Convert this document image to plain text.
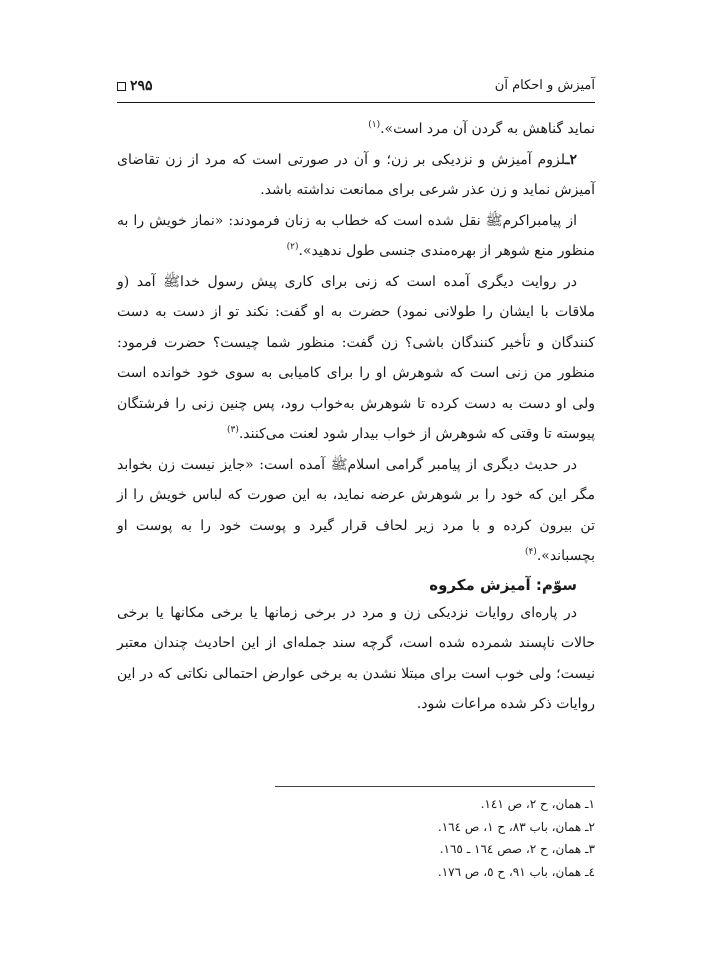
آمیزش و احکام آن
۲۹۵

نماید گناهش به گردن آن مرد است».$^{(۱)}$

۲ـلزوم آمیزش و نزدیکی بر زن؛ و آن در صورتی است که مرد از زن تقاضای آمیزش نماید و زن عذر شرعی برای ممانعت نداشته باشد.

از پیامبراکرمﷺ نقل شده است که خطاب به زنان فرمودند: «نماز خویش را به منظور منع شوهر از بهره‌مندی جنسی طول ندهید».$^{(۲)}$

در روایت دیگری آمده است که زنی برای کاری پیش رسول خداﷺ آمد (و ملاقات با ایشان را طولانی نمود) حضرت به او گفت: نکند تو از دست به دست کنندگان و تأخیر کنندگان باشی؟ زن گفت: منظور شما چیست؟ حضرت فرمود: منظور من زنی است که شوهرش او را برای کامیابی به سوی خود خوانده است ولی او دست به دست کرده تا شوهرش به‌خواب رود، پس چنین زنی را فرشتگان پیوسته تا وقتی که شوهرش از خواب بیدار شود لعنت می‌کنند.$^{(۳)}$

در حدیث دیگری از پیامبر گرامی اسلامﷺ آمده است: «جایز نیست زن بخوابد مگر این که خود را بر شوهرش عرضه نماید، به این صورت که لباس خویش را از تن بیرون کرده و با مرد زیر لحاف قرار گیرد و پوست خود را به پوست او بچسباند».$^{(۴)}$

سوّم: آمیزش مکروه

در پاره‌ای روایات نزدیکی زن و مرد در برخی زمانها یا برخی مکانها یا برخی حالات ناپسند شمرده شده است، گرچه سند جمله‌ای از این احادیث چندان معتبر نیست؛ ولی خوب است برای مبتلا نشدن به برخی عوارض احتمالی نکاتی که در این روایات ذکر شده مراعات شود.

۱ـ همان، ح ۲، ص ١٤١.
۲ـ همان، باب ۸۳، ح ۱، ص ١٦٤.
۳ـ همان، ح ۲، صص ١٦٤ ـ ١٦٥.
٤ـ همان، باب ۹۱، ح ٥، ص ١٧٦.
